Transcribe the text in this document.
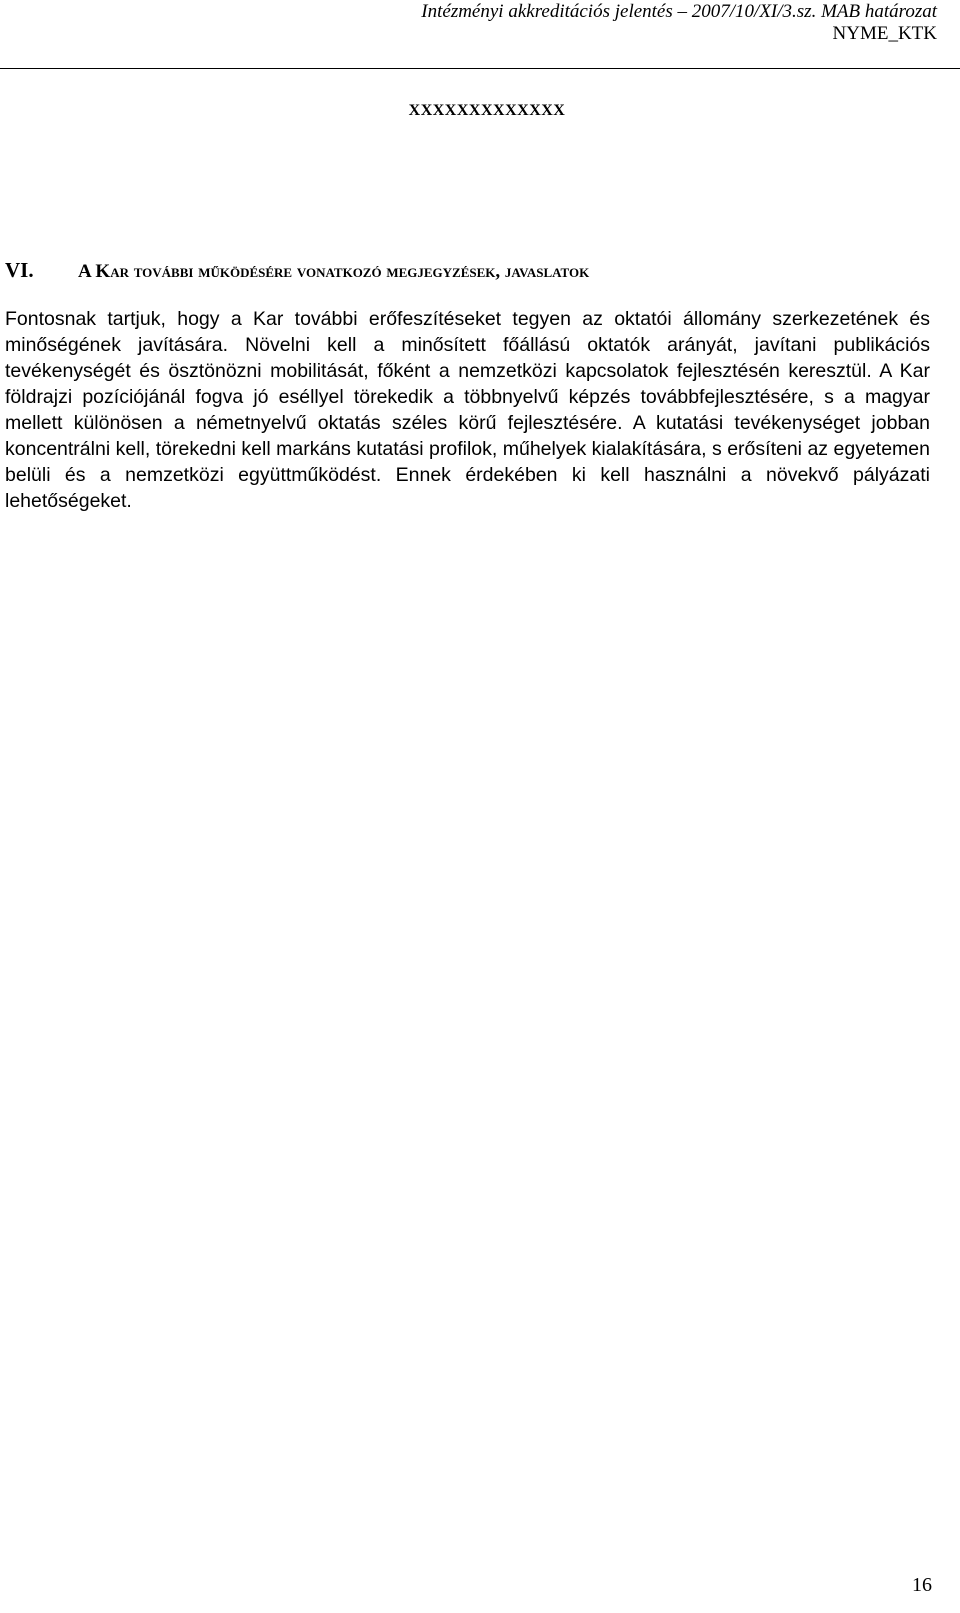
Intézményi akkreditációs jelentés – 2007/10/XI/3.sz. MAB határozat
NYME_KTK
XXXXXXXXXXXXX
VI. A Kar további működésére vonatkozó megjegyzések, javaslatok

Fontosnak tartjuk, hogy a Kar további erőfeszítéseket tegyen az oktatói állomány szerkezetének és minőségének javítására. Növelni kell a minősített főállású oktatók arányát, javítani publikációs tevékenységét és ösztönözni mobilitását, főként a nemzetközi kapcsolatok fejlesztésén keresztül. A Kar földrajzi pozíciójánál fogva jó eséllyel törekedik a többnyelvű képzés továbbfejlesztésére, s a magyar mellett különösen a németnyelvű oktatás széles körű fejlesztésére. A kutatási tevékenységet jobban koncentrálni kell, törekedni kell markáns kutatási profilok, műhelyek kialakítására, s erősíteni az egyetemen belüli és a nemzetközi együttműködést. Ennek érdekében ki kell használni a növekvő pályázati lehetőségeket.

16
